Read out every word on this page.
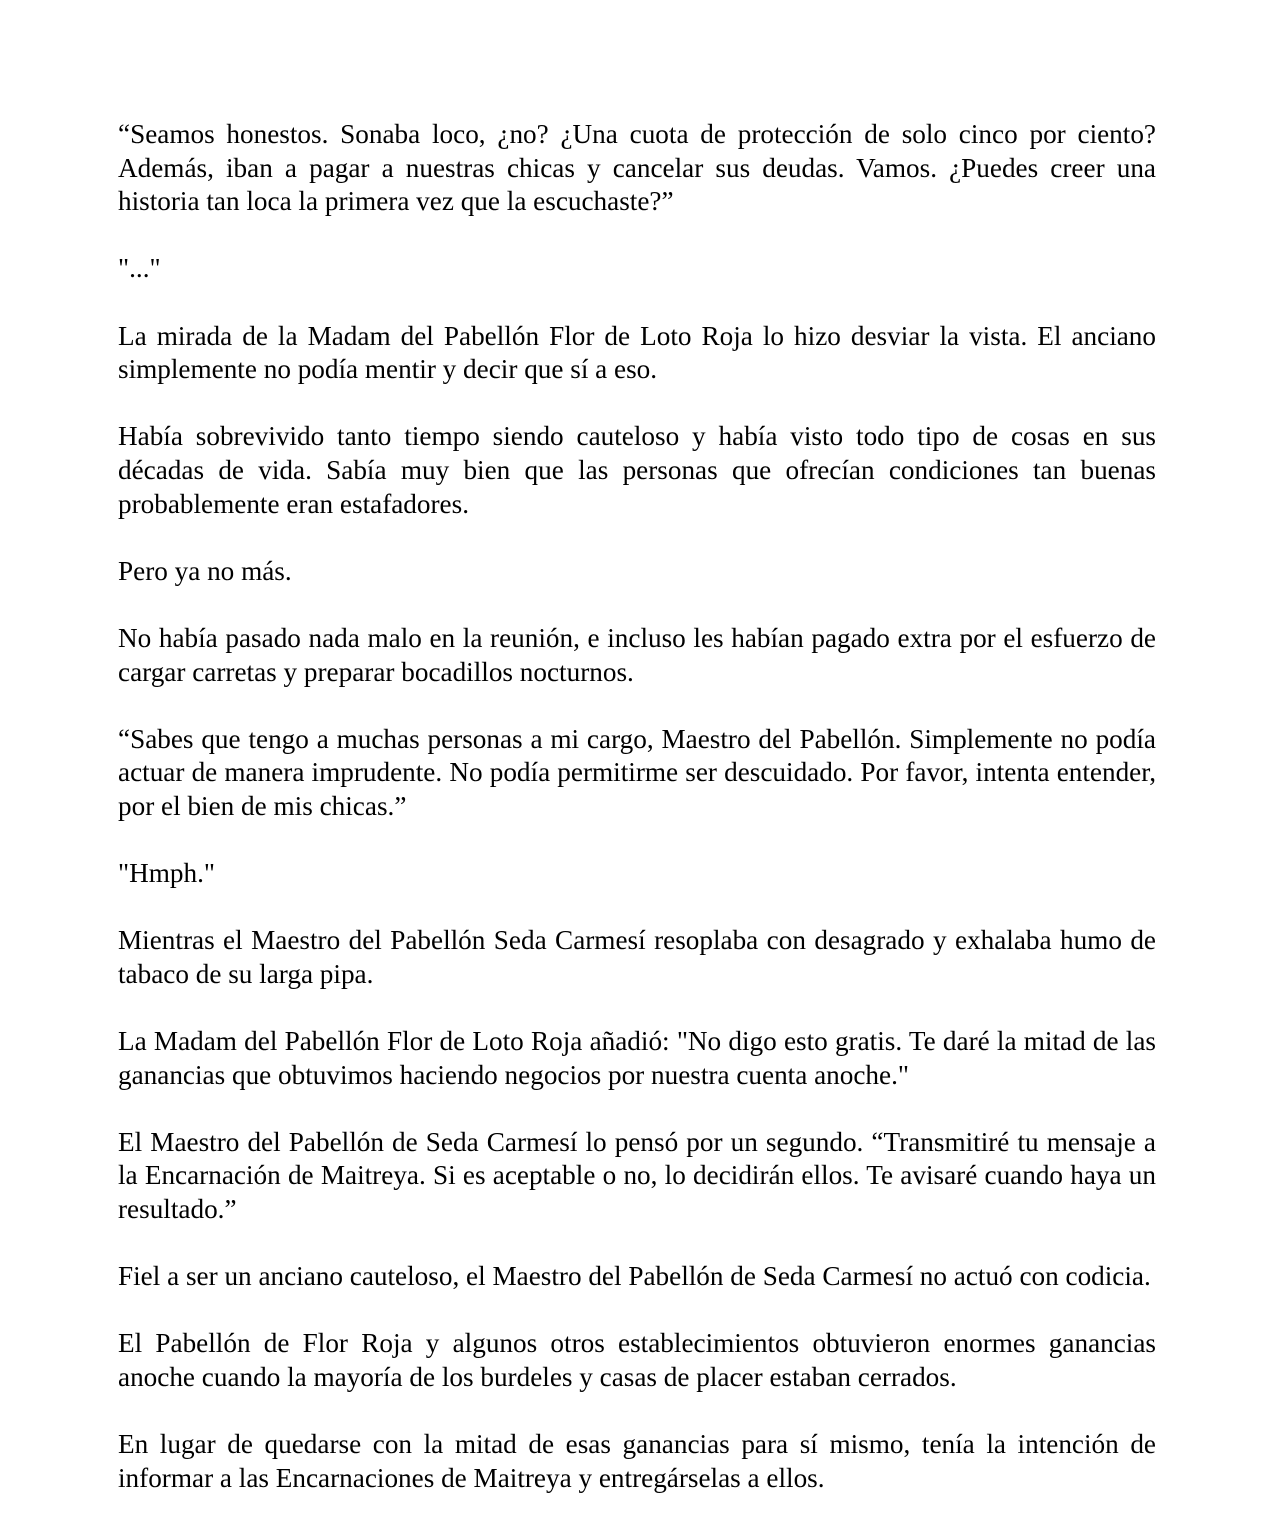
“Seamos honestos. Sonaba loco, ¿no? ¿Una cuota de protección de solo cinco por ciento? Además, iban a pagar a nuestras chicas y cancelar sus deudas. Vamos. ¿Puedes creer una historia tan loca la primera vez que la escuchaste?”

"..."

La mirada de la Madam del Pabellón Flor de Loto Roja lo hizo desviar la vista. El anciano simplemente no podía mentir y decir que sí a eso.

Había sobrevivido tanto tiempo siendo cauteloso y había visto todo tipo de cosas en sus décadas de vida. Sabía muy bien que las personas que ofrecían condiciones tan buenas probablemente eran estafadores.

Pero ya no más.

No había pasado nada malo en la reunión, e incluso les habían pagado extra por el esfuerzo de cargar carretas y preparar bocadillos nocturnos.

“Sabes que tengo a muchas personas a mi cargo, Maestro del Pabellón. Simplemente no podía actuar de manera imprudente. No podía permitirme ser descuidado. Por favor, intenta entender, por el bien de mis chicas.”

"Hmph."

Mientras el Maestro del Pabellón Seda Carmesí resoplaba con desagrado y exhalaba humo de tabaco de su larga pipa.

La Madam del Pabellón Flor de Loto Roja añadió: "No digo esto gratis. Te daré la mitad de las ganancias que obtuvimos haciendo negocios por nuestra cuenta anoche."

El Maestro del Pabellón de Seda Carmesí lo pensó por un segundo. “Transmitiré tu mensaje a la Encarnación de Maitreya. Si es aceptable o no, lo decidirán ellos. Te avisaré cuando haya un resultado.”

Fiel a ser un anciano cauteloso, el Maestro del Pabellón de Seda Carmesí no actuó con codicia.

El Pabellón de Flor Roja y algunos otros establecimientos obtuvieron enormes ganancias anoche cuando la mayoría de los burdeles y casas de placer estaban cerrados.

En lugar de quedarse con la mitad de esas ganancias para sí mismo, tenía la intención de informar a las Encarnaciones de Maitreya y entregárselas a ellos.
